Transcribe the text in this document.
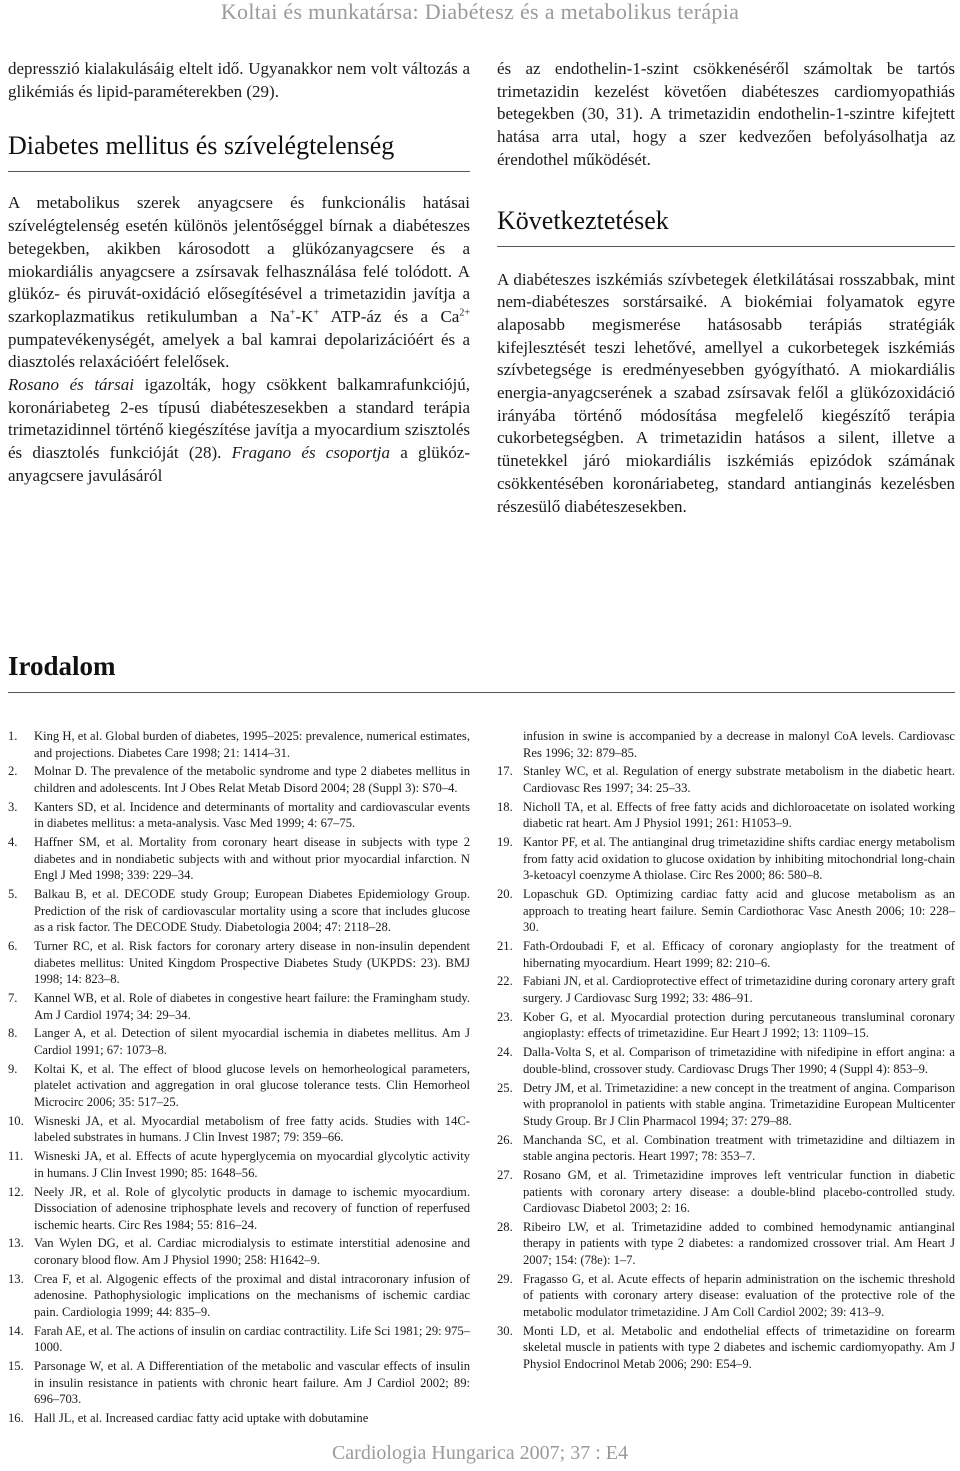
Koltai és munkatársa: Diabétesz és a metabolikus terápia

depresszió kialakulásáig eltelt idő. Ugyanakkor nem volt változás a glikémiás és lipid-paraméterekben (29).

Diabetes mellitus és szívelégtelenség

A metabolikus szerek anyagcsere és funkcionális hatásai szívelégtelenség esetén különös jelentőséggel bírnak a diabéteszes betegekben, akikben károsodott a glükózanyagcsere és a miokardiális anyagcsere a zsírsavak felhasználása felé tolódott. A glükóz- és piruvát-oxidáció elősegítésével a trimetazidin javítja a szarkoplazmatikus retikulumban a Na+-K+ ATP-áz és a $Ca^{2+}$ pumpatevékenységét, amelyek a bal kamrai depolarizációért és a diasztolés relaxációért felelősek.

Rosano és társai igazolták, hogy csökkent balkamrafunkciójú, koronáriabeteg 2-es típusú diabéteszesekben a standard terápia trimetazidinnel történő kiegészítése javítja a myocardium szisztolés és diasztolés funkcióját (28). Fragano és csoportja a glükóz-anyagcsere javulásáról

és az endothelin-1-szint csökkenéséről számoltak be tartós trimetazidin kezelést követően diabéteszes cardiomyopathiás betegekben (30, 31). A trimetazidin endothelin-1-szintre kifejtett hatása arra utal, hogy a szer kedvezően befolyásolhatja az érendothel működését.

Következtetések

A diabéteszes iszkémiás szívbetegek életkilátásai rosszabbak, mint nem-diabéteszes sorstársaiké. A biokémiai folyamatok egyre alaposabb megismerése hatásosabb terápiás stratégiák kifejlesztését teszi lehetővé, amellyel a cukorbetegek iszkémiás szívbetegsége is eredményesebben gyógyítható. A miokardiális energia-anyagcserének a szabad zsírsavak felől a glükózoxidáció irányába történő módosítása megfelelő kiegészítő terápia cukorbetegségben. A trimetazidin hatásos a silent, illetve a tünetekkel járó miokardiális iszkémiás epizódok számának csökkentésében koronáriabeteg, standard antianginás kezelésben részesülő diabéteszesekben.

Irodalom
1.	King H, et al. Global burden of diabetes, 1995–2025: prevalence, numerical estimates, and projections. Diabetes Care 1998; 21: 1414–31.
2.	Molnar D. The prevalence of the metabolic syndrome and type 2 diabetes mellitus in children and adolescents. Int J Obes Relat Metab Disord 2004; 28 (Suppl 3): S70–4.
3.	Kanters SD, et al. Incidence and determinants of mortality and cardiovascular events in diabetes mellitus: a meta-analysis. Vasc Med 1999; 4: 67–75.
4.	Haffner SM, et al. Mortality from coronary heart disease in subjects with type 2 diabetes and in nondiabetic subjects with and without prior myocardial infarction. N Engl J Med 1998; 339: 229–34.
5.	Balkau B, et al. DECODE study Group; European Diabetes Epidemiology Group. Prediction of the risk of cardiovascular mortality using a score that includes glucose as a risk factor. The DECODE Study. Diabetologia 2004; 47: 2118–28.
6.	Turner RC, et al. Risk factors for coronary artery disease in non-insulin dependent diabetes mellitus: United Kingdom Prospective Diabetes Study (UKPDS: 23). BMJ 1998; 14: 823–8.
7.	Kannel WB, et al. Role of diabetes in congestive heart failure: the Framingham study. Am J Cardiol 1974; 34: 29–34.
8.	Langer A, et al. Detection of silent myocardial ischemia in diabetes mellitus. Am J Cardiol 1991; 67: 1073–8.
9.	Koltai K, et al. The effect of blood glucose levels on hemorheological parameters, platelet activation and aggregation in oral glucose tolerance tests. Clin Hemorheol Microcirc 2006; 35: 517–25.
10. Wisneski JA, et al. Myocardial metabolism of free fatty acids. Studies with 14C-labeled substrates in humans. J Clin Invest 1987; 79: 359–66.
11. Wisneski JA, et al. Effects of acute hyperglycemia on myocardial glycolytic activity in humans. J Clin Invest 1990; 85: 1648–56.
12. Neely JR, et al. Role of glycolytic products in damage to ischemic myocardium. Dissociation of adenosine triphosphate levels and recovery of function of reperfused ischemic hearts. Circ Res 1984; 55: 816–24.
13. Van Wylen DG, et al. Cardiac microdialysis to estimate interstitial adenosine and coronary blood flow. Am J Physiol 1990; 258: H1642–9.
13. Crea F, et al. Algogenic effects of the proximal and distal intracoronary infusion of adenosine. Pathophysiologic implications on the mechanisms of ischemic cardiac pain. Cardiologia 1999; 44: 835–9.
14. Farah AE, et al. The actions of insulin on cardiac contractility. Life Sci 1981; 29: 975–1000.
15. Parsonage W, et al. A Differentiation of the metabolic and vascular effects of insulin in insulin resistance in patients with chronic heart failure. Am J Cardiol 2002; 89: 696–703.
16. Hall JL, et al. Increased cardiac fatty acid uptake with dobutamine
infusion in swine is accompanied by a decrease in malonyl CoA levels. Cardiovasc Res 1996; 32: 879–85.
17. Stanley WC, et al. Regulation of energy substrate metabolism in the diabetic heart. Cardiovasc Res 1997; 34: 25–33.
18. Nicholl TA, et al. Effects of free fatty acids and dichloroacetate on isolated working diabetic rat heart. Am J Physiol 1991; 261: H1053–9.
19. Kantor PF, et al. The antianginal drug trimetazidine shifts cardiac energy metabolism from fatty acid oxidation to glucose oxidation by inhibiting mitochondrial long-chain 3-ketoacyl coenzyme A thiolase. Circ Res 2000; 86: 580–8.
20. Lopaschuk GD. Optimizing cardiac fatty acid and glucose metabolism as an approach to treating heart failure. Semin Cardiothorac Vasc Anesth 2006; 10: 228–30.
21. Fath-Ordoubadi F, et al. Efficacy of coronary angioplasty for the treatment of hibernating myocardium. Heart 1999; 82: 210–6.
22. Fabiani JN, et al. Cardioprotective effect of trimetazidine during coronary artery graft surgery. J Cardiovasc Surg 1992; 33: 486–91.
23. Kober G, et al. Myocardial protection during percutaneous transluminal coronary angioplasty: effects of trimetazidine. Eur Heart J 1992; 13: 1109–15.
24. Dalla-Volta S, et al. Comparison of trimetazidine with nifedipine in effort angina: a double-blind, crossover study. Cardiovasc Drugs Ther 1990; 4 (Suppl 4): 853–9.
25. Detry JM, et al. Trimetazidine: a new concept in the treatment of angina. Comparison with propranolol in patients with stable angina. Trimetazidine European Multicenter Study Group. Br J Clin Pharmacol 1994; 37: 279–88.
26. Manchanda SC, et al. Combination treatment with trimetazidine and diltiazem in stable angina pectoris. Heart 1997; 78: 353–7.
27. Rosano GM, et al. Trimetazidine improves left ventricular function in diabetic patients with coronary artery disease: a double-blind placebo-controlled study. Cardiovasc Diabetol 2003; 2: 16.
28. Ribeiro LW, et al. Trimetazidine added to combined hemodynamic antianginal therapy in patients with type 2 diabetes: a randomized crossover trial. Am Heart J 2007; 154: (78e): 1–7.
29. Fragasso G, et al. Acute effects of heparin administration on the ischemic threshold of patients with coronary artery disease: evaluation of the protective role of the metabolic modulator trimetazidine. J Am Coll Cardiol 2002; 39: 413–9.
30. Monti LD, et al. Metabolic and endothelial effects of trimetazidine on forearm skeletal muscle in patients with type 2 diabetes and ischemic cardiomyopathy. Am J Physiol Endocrinol Metab 2006; 290: E54–9.
Cardiologia Hungarica 2007; 37 : E4
